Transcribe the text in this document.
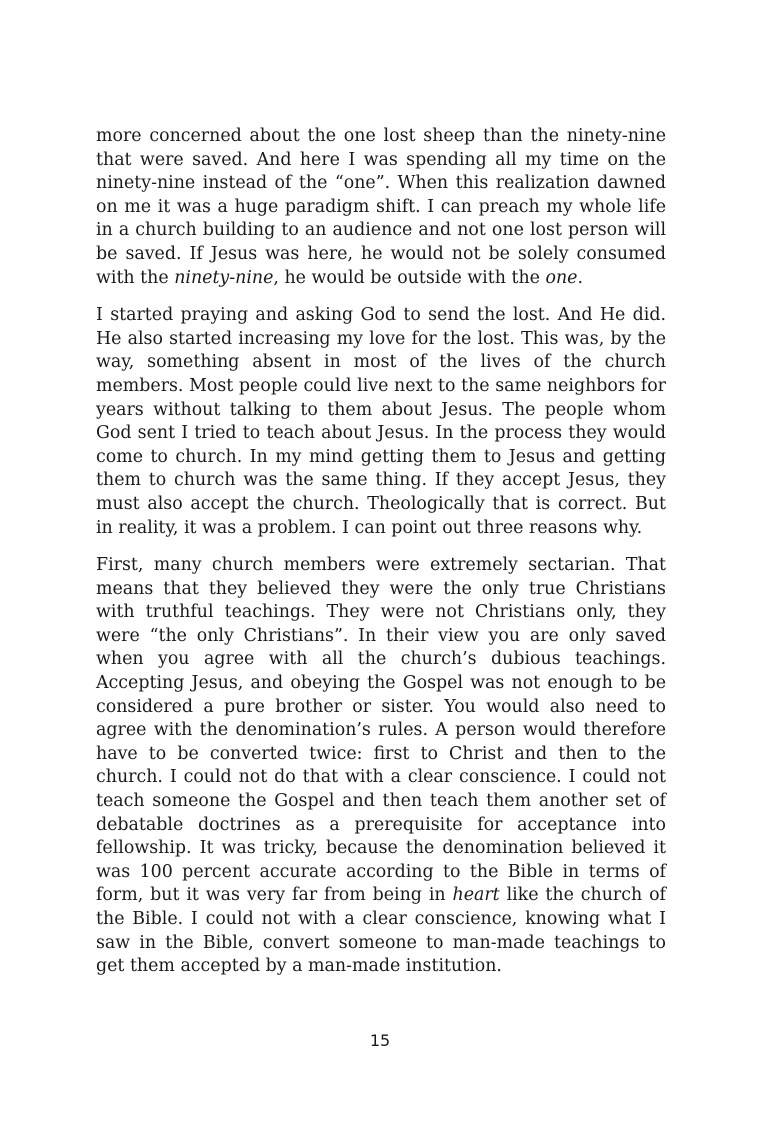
more concerned about the one lost sheep than the ninety-nine that were saved. And here I was spending all my time on the ninety-nine instead of the “one”. When this realization dawned on me it was a huge paradigm shift. I can preach my whole life in a church building to an audience and not one lost person will be saved. If Jesus was here, he would not be solely consumed with the ninety-nine, he would be outside with the one.

I started praying and asking God to send the lost. And He did. He also started increasing my love for the lost. This was, by the way, something absent in most of the lives of the church members. Most people could live next to the same neighbors for years without talking to them about Jesus. The people whom God sent I tried to teach about Jesus. In the process they would come to church. In my mind getting them to Jesus and getting them to church was the same thing. If they accept Jesus, they must also accept the church. Theologically that is correct. But in reality, it was a problem. I can point out three reasons why.

First, many church members were extremely sectarian. That means that they believed they were the only true Christians with truthful teachings. They were not Christians only, they were “the only Christians”. In their view you are only saved when you agree with all the church’s dubious teachings. Accepting Jesus, and obeying the Gospel was not enough to be considered a pure brother or sister. You would also need to agree with the denomination’s rules. A person would therefore have to be converted twice: first to Christ and then to the church. I could not do that with a clear conscience. I could not teach someone the Gospel and then teach them another set of debatable doctrines as a prerequisite for acceptance into fellowship. It was tricky, because the denomination believed it was 100 percent accurate according to the Bible in terms of form, but it was very far from being in heart like the church of the Bible. I could not with a clear conscience, knowing what I saw in the Bible, convert someone to man-made teachings to get them accepted by a man-made institution.

15
